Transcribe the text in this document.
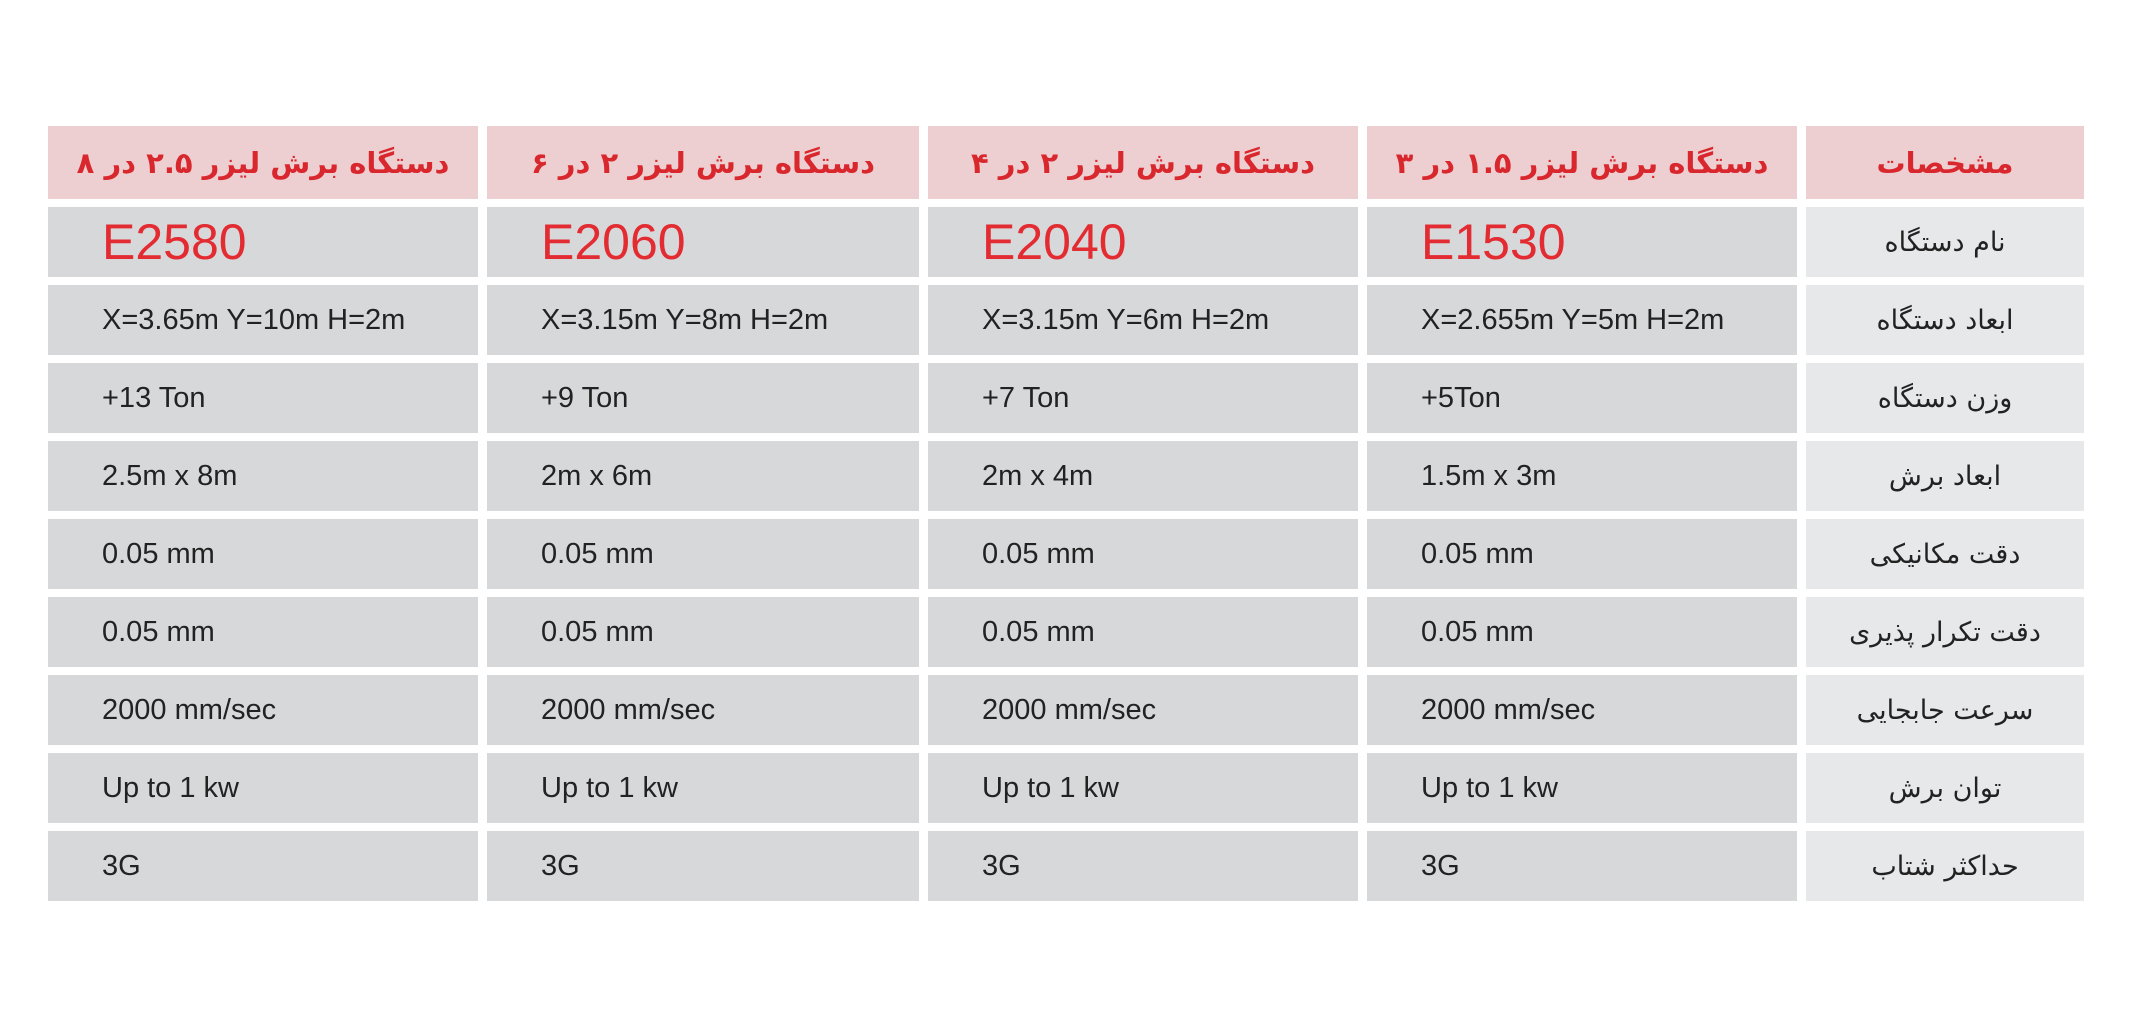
دستگاه برش لیزر ۲.۵ در ۸	دستگاه برش لیزر ۲ در ۶	دستگاه برش لیزر ۲ در ۴	دستگاه برش لیزر ۱.۵ در ۳	مشخصات
E2580	E2060	E2040	E1530	نام دستگاه
X=3.65m Y=10m H=2m	X=3.15m Y=8m H=2m	X=3.15m Y=6m H=2m	X=2.655m Y=5m H=2m	ابعاد دستگاه
+13 Ton	+9 Ton	+7 Ton	+5Ton	وزن دستگاه
2.5m x 8m	2m x 6m	2m x 4m	1.5m x 3m	ابعاد برش
0.05 mm	0.05 mm	0.05 mm	0.05 mm	دقت مکانیکی
0.05 mm	0.05 mm	0.05 mm	0.05 mm	دقت تکرار پذیری
2000 mm/sec	2000 mm/sec	2000 mm/sec	2000 mm/sec	سرعت جابجایی
Up to 1 kw	Up to 1 kw	Up to 1 kw	Up to 1 kw	توان برش
3G	3G	3G	3G	حداکثر شتاب
